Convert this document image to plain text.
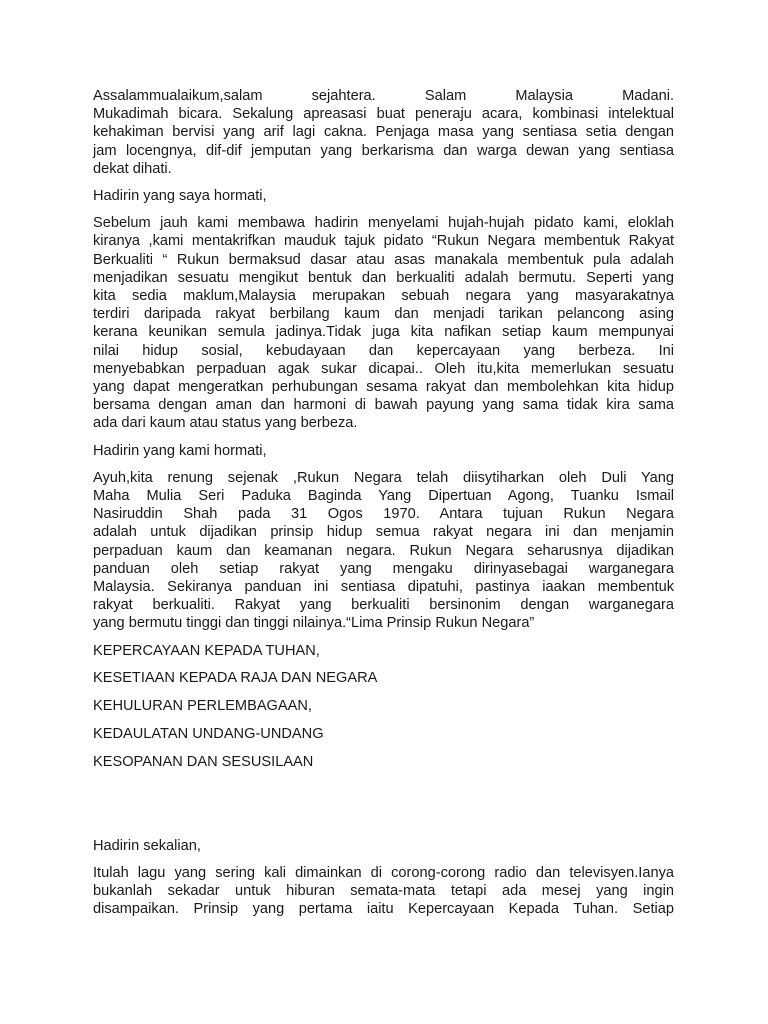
Assalammualaikum,salam sejahtera. Salam Malaysia Madani.
Mukadimah bicara. Sekalung apreasasi buat peneraju acara, kombinasi intelektual
kehakiman bervisi yang arif lagi cakna. Penjaga masa yang sentiasa setia dengan
jam locengnya, dif-dif jemputan yang berkarisma dan warga dewan yang sentiasa
dekat dihati.

Hadirin yang saya hormati,

Sebelum jauh kami membawa hadirin menyelami hujah-hujah pidato kami, eloklah
kiranya ,kami mentakrifkan mauduk tajuk pidato “Rukun Negara membentuk Rakyat
Berkualiti “ Rukun bermaksud dasar atau asas manakala membentuk pula adalah
menjadikan sesuatu mengikut bentuk dan berkualiti adalah bermutu. Seperti yang
kita sedia maklum,Malaysia merupakan sebuah negara yang masyarakatnya
terdiri daripada rakyat berbilang kaum dan menjadi tarikan pelancong asing
kerana keunikan semula jadinya.Tidak juga kita nafikan setiap kaum mempunyai
nilai hidup sosial, kebudayaan dan kepercayaan yang berbeza. Ini
menyebabkan perpaduan agak sukar dicapai.. Oleh itu,kita memerlukan sesuatu
yang dapat mengeratkan perhubungan sesama rakyat dan membolehkan kita hidup
bersama dengan aman dan harmoni di bawah payung yang sama tidak kira sama
ada dari kaum atau status yang berbeza.

Hadirin yang kami hormati,

Ayuh,kita renung sejenak ,Rukun Negara telah diisytiharkan oleh Duli Yang
Maha Mulia Seri Paduka Baginda Yang Dipertuan Agong, Tuanku Ismail
Nasiruddin Shah pada 31 Ogos 1970. Antara tujuan Rukun Negara
adalah untuk dijadikan prinsip hidup semua rakyat negara ini dan menjamin
perpaduan kaum dan keamanan negara. Rukun Negara seharusnya dijadikan
panduan oleh setiap rakyat yang mengaku dirinyasebagai warganegara
Malaysia. Sekiranya panduan ini sentiasa dipatuhi, pastinya iaakan membentuk
rakyat berkualiti. Rakyat yang berkualiti bersinonim dengan warganegara
yang bermutu tinggi dan tinggi nilainya.“Lima Prinsip Rukun Negara”

KEPERCAYAAN KEPADA TUHAN,

KESETIAAN KEPADA RAJA DAN NEGARA

KEHULURAN PERLEMBAGAAN,

KEDAULATAN UNDANG-UNDANG

KESOPANAN DAN SESUSILAAN

Hadirin sekalian,

Itulah lagu yang sering kali dimainkan di corong-corong radio dan televisyen.Ianya
bukanlah sekadar untuk hiburan semata-mata tetapi ada mesej yang ingin
disampaikan. Prinsip yang pertama iaitu Kepercayaan Kepada Tuhan. Setiap
